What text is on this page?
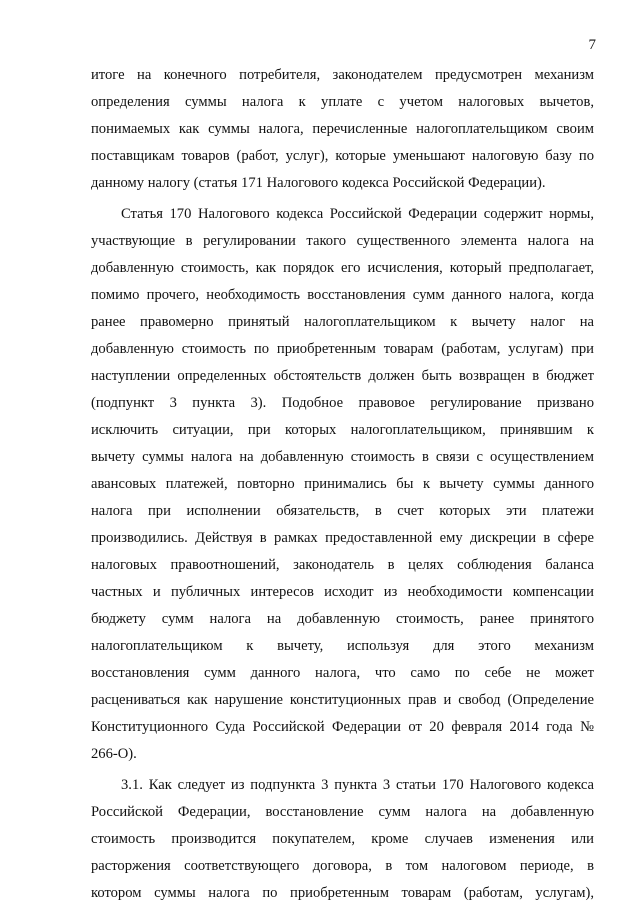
7
итоге на конечного потребителя, законодателем предусмотрен механизм
определения суммы налога к уплате с учетом налоговых вычетов,
понимаемых как суммы налога, перечисленные налогоплательщиком своим
поставщикам товаров (работ, услуг), которые уменьшают налоговую базу по
данному налогу (статья 171 Налогового кодекса Российской Федерации).
Статья 170 Налогового кодекса Российской Федерации содержит нормы,
участвующие в регулировании такого существенного элемента налога на
добавленную стоимость, как порядок его исчисления, который предполагает,
помимо прочего, необходимость восстановления сумм данного налога, когда
ранее правомерно принятый налогоплательщиком к вычету налог на
добавленную стоимость по приобретенным товарам (работам, услугам) при
наступлении определенных обстоятельств должен быть возвращен в бюджет
(подпункт 3 пункта 3). Подобное правовое регулирование призвано
исключить ситуации, при которых налогоплательщиком, принявшим к
вычету суммы налога на добавленную стоимость в связи с осуществлением
авансовых платежей, повторно принимались бы к вычету суммы данного
налога при исполнении обязательств, в счет которых эти платежи
производились. Действуя в рамках предоставленной ему дискреции в сфере
налоговых правоотношений, законодатель в целях соблюдения баланса
частных и публичных интересов исходит из необходимости компенсации
бюджету сумм налога на добавленную стоимость, ранее принятого
налогоплательщиком к вычету, используя для этого механизм
восстановления сумм данного налога, что само по себе не может
расцениваться как нарушение конституционных прав и свобод (Определение
Конституционного Суда Российской Федерации от 20 февраля 2014 года №
266-О).
3.1. Как следует из подпункта 3 пункта 3 статьи 170 Налогового кодекса
Российской Федерации, восстановление сумм налога на добавленную
стоимость производится покупателем, кроме случаев изменения или
расторжения соответствующего договора, в том налоговом периоде, в
котором суммы налога по приобретенным товарам (работам, услугам),
